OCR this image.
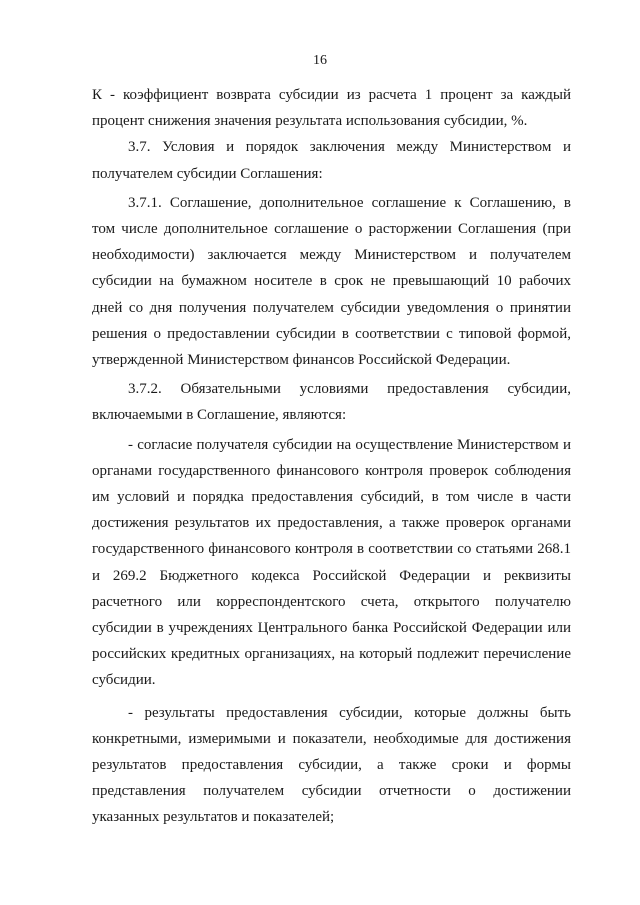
16

К - коэффициент возврата субсидии из расчета 1 процент за каждый процент снижения значения результата использования субсидии, %.

3.7. Условия и порядок заключения между Министерством и получателем субсидии Соглашения:

3.7.1. Соглашение, дополнительное соглашение к Соглашению, в том числе дополнительное соглашение о расторжении Соглашения (при необходимости) заключается между Министерством и получателем субсидии на бумажном носителе в срок не превышающий 10 рабочих дней со дня получения получателем субсидии уведомления о принятии решения о предоставлении субсидии в соответствии с типовой формой, утвержденной Министерством финансов Российской Федерации.

3.7.2. Обязательными условиями предоставления субсидии, включаемыми в Соглашение, являются:

- согласие получателя субсидии на осуществление Министерством и органами государственного финансового контроля проверок соблюдения им условий и порядка предоставления субсидий, в том числе в части достижения результатов их предоставления, а также проверок органами государственного финансового контроля в соответствии со статьями 268.1 и 269.2 Бюджетного кодекса Российской Федерации и реквизиты расчетного или корреспондентского счета, открытого получателю субсидии в учреждениях Центрального банка Российской Федерации или российских кредитных организациях, на который подлежит перечисление субсидии.

- результаты предоставления субсидии, которые должны быть конкретными, измеримыми и показатели, необходимые для достижения результатов предоставления субсидии, а также сроки и формы представления получателем субсидии отчетности о достижении указанных результатов и показателей;
